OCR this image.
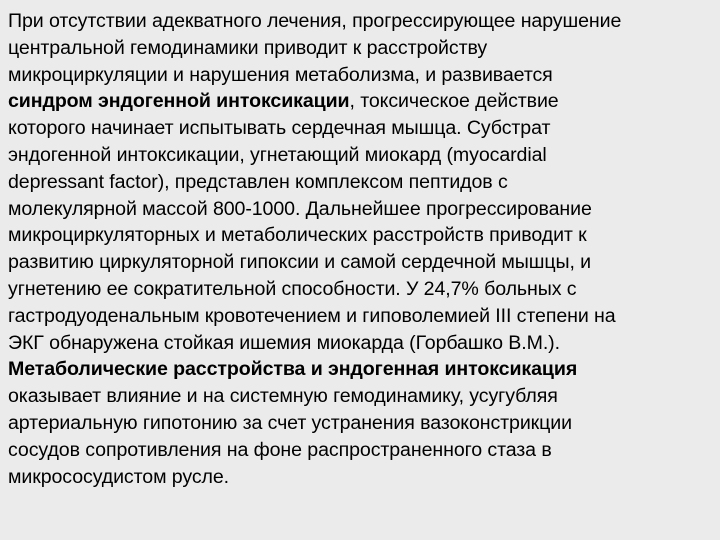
При отсутствии адекватного лечения, прогрессирующее нарушение
центральной гемодинамики приводит к расстройству
микроциркуляции и нарушения метаболизма, и развивается
синдром эндогенной интоксикации, токсическое действие
которого начинает испытывать сердечная мышца. Субстрат
эндогенной интоксикации, угнетающий миокард (myocardial
depressant factor), представлен комплексом пептидов с
молекулярной массой 800-1000. Дальнейшее прогрессирование
микроциркуляторных и метаболических расстройств приводит к
развитию циркуляторной гипоксии и самой сердечной мышцы, и
угнетению ее сократительной способности. У 24,7% больных с
гастродуоденальным кровотечением и гиповолемией III степени на
ЭКГ обнаружена стойкая ишемия миокарда (Горбашко В.М.).
Метаболические расстройства и эндогенная интоксикация
оказывает влияние и на системную гемодинамику, усугубляя
артериальную гипотонию за счет устранения вазоконстрикции
сосудов сопротивления на фоне распространенного стаза в
микрососудистом русле.
